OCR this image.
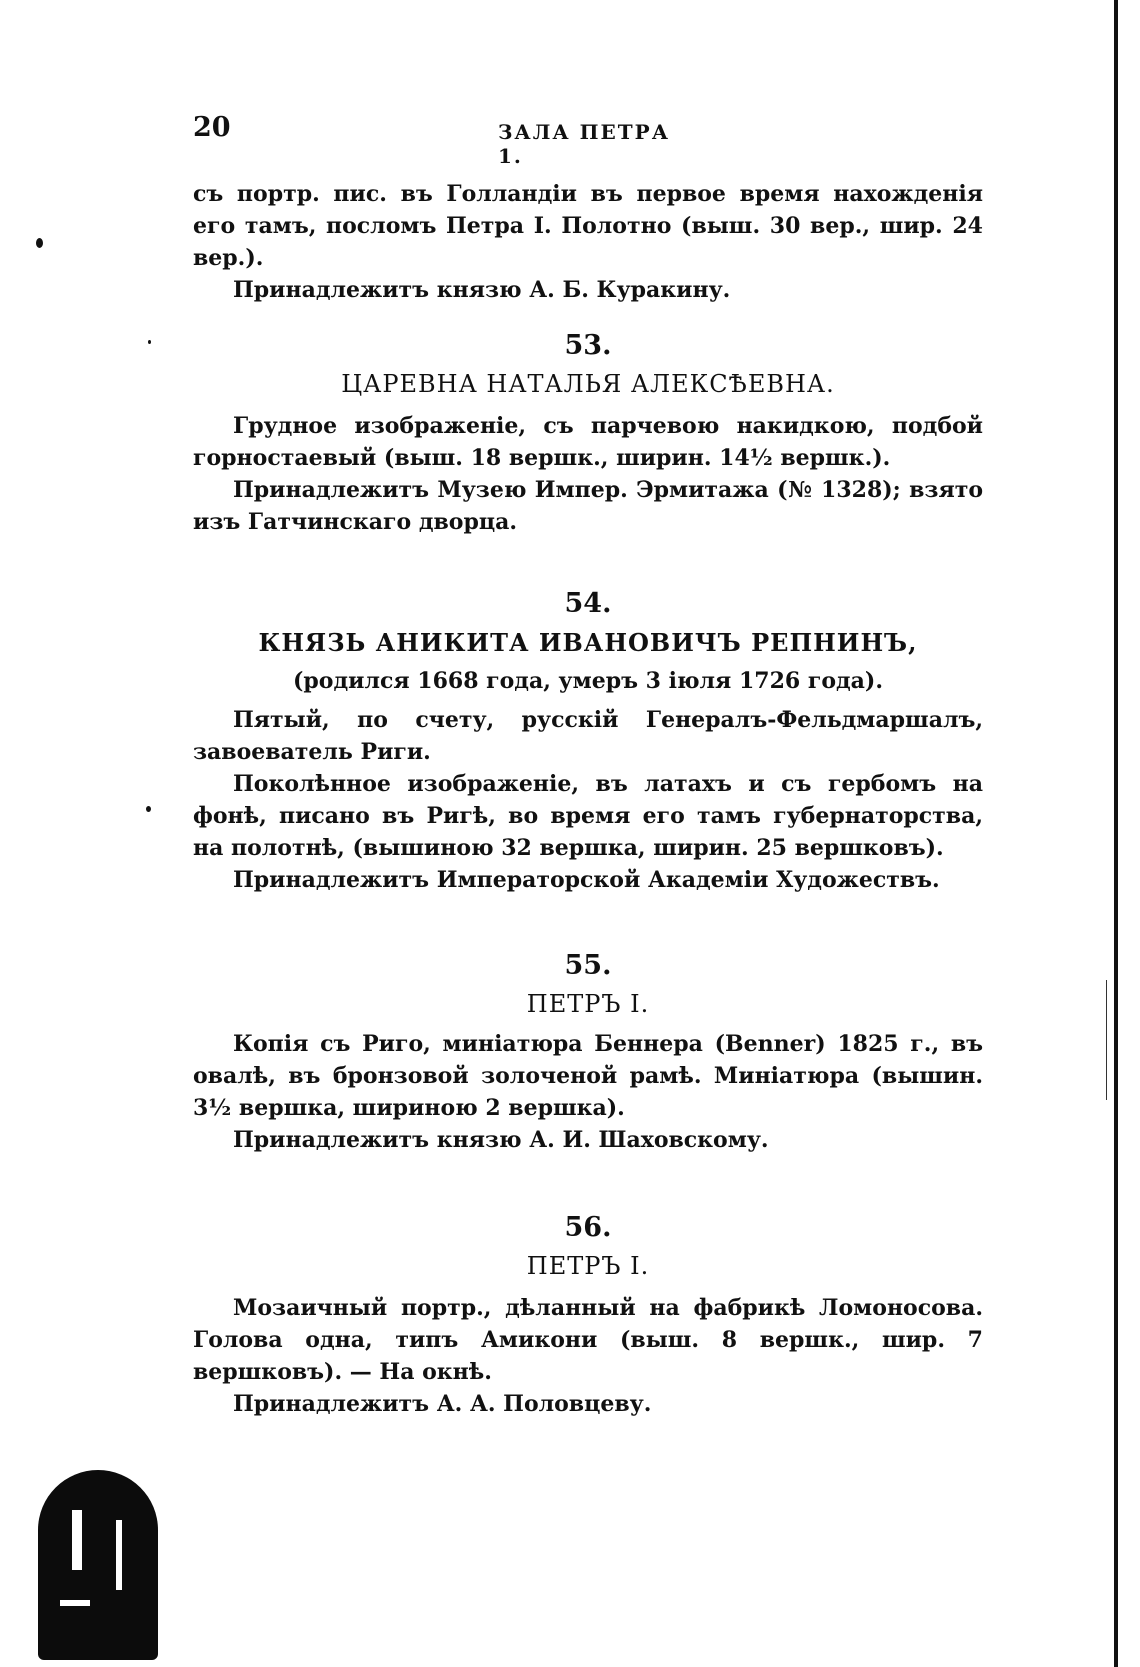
20	ЗАЛА ПЕТРА 1.

съ портр. пис. въ Голландіи въ первое время нахожденія его тамъ, посломъ Петра I. Полотно (выш. 30 вер., шир. 24 вер.).

Принадлежитъ князю А. Б. Куракину.

53.
ЦАРЕВНА НАТАЛЬЯ АЛЕКСѢЕВНА.

Грудное изображеніе, съ парчевою накидкою, подбой горностаевый (выш. 18 вершк., ширин. 14½ вершк.).

Принадлежитъ Музею Импер. Эрмитажа (№ 1328); взято изъ Гатчинскаго дворца.

54.
КНЯЗЬ АНИКИТА ИВАНОВИЧЪ РЕПНИНЪ,
(родился 1668 года, умеръ 3 іюля 1726 года).

Пятый, по счету, русскій Генералъ-Фельдмаршалъ, завоеватель Риги.

Поколѣнное изображеніе, въ латахъ и съ гербомъ на фонѣ, писано въ Ригѣ, во время его тамъ губернаторства, на полотнѣ, (вышиною 32 вершка, ширин. 25 вершковъ).

Принадлежитъ Императорской Академіи Художествъ.

55.
ПЕТРЪ I.

Копія съ Риго, миніатюра Беннера (Benner) 1825 г., въ овалѣ, въ бронзовой золоченой рамѣ. Миніатюра (вышин. 3½ вершка, шириною 2 вершка).

Принадлежитъ князю А. И. Шаховскому.

56.
ПЕТРЪ I.

Мозаичный портр., дѣланный на фабрикѣ Ломоносова. Голова одна, типъ Амикони (выш. 8 вершк., шир. 7 вершковъ). — На окнѣ.

Принадлежитъ А. А. Половцеву.
